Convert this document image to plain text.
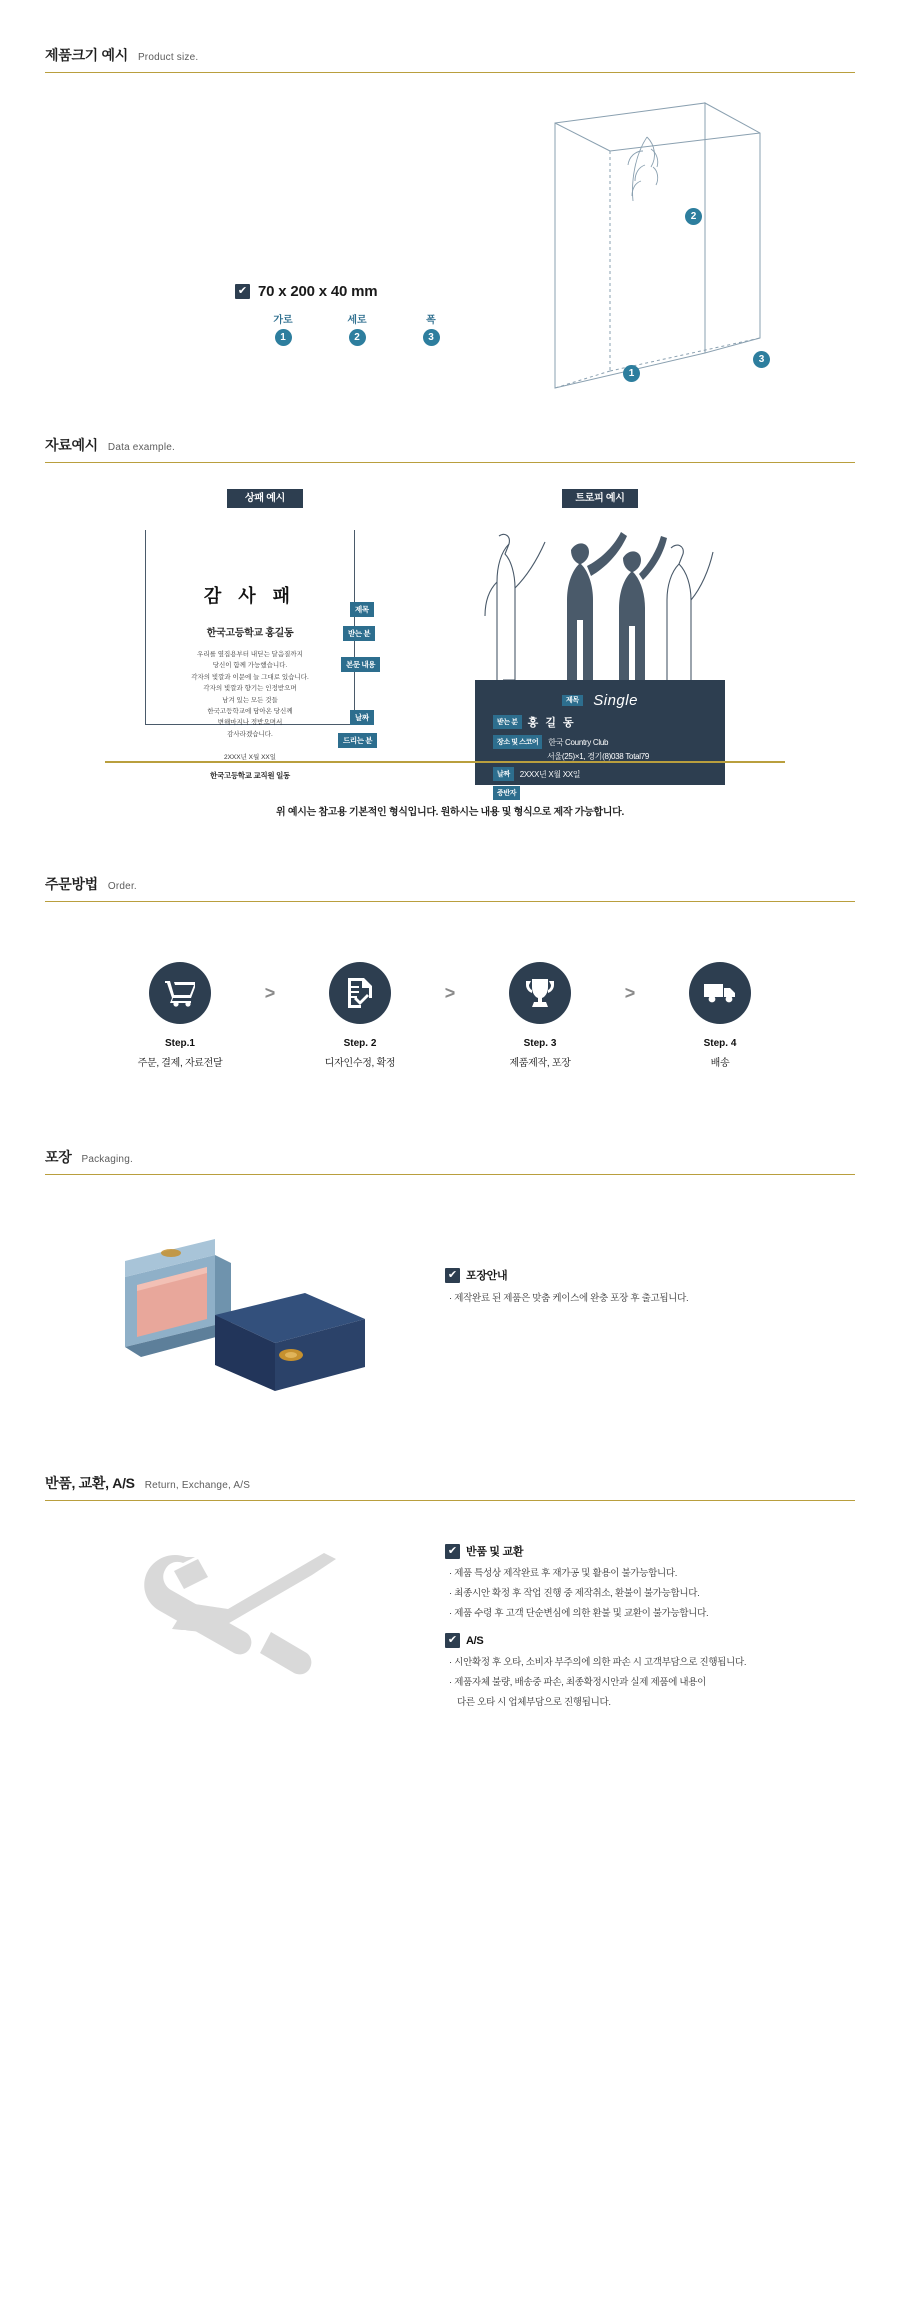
제품크기 예시 Product size.
✔ 70 x 200 x 40 mm
가로	세로	폭
1	2	3
2
1
3
자료예시 Data example.
상패 예시
감 사 패
한국고등학교 홍길동
우리를 옆집용부터 내딛는 달음질까지
당신이 함께 가능했습니다.
각자의 빛깔과 이문에 늘 그대로 있습니다.
각자의 빛깔과 향기는 인정받으며
남겨 있는 모든 것들
한국고등학교에 담아온 당신께
변해마지나 정받으며서
감사라겠습니다.
2XXX년 X월 XX일
한국고등학교 교직원 일동
제목
받는 분
본문 내용
날짜
드리는 분
트로피 예시
제목 Single
받는 분 홍 길 동
장소 및 스코어	한국 Country Club
서울(25)×1, 경기(8)038 Total79
날짜	2XXX년 X월 XX일
증반자	김 철 수 · 박 영 희 · 최 민 수
위 예시는 참고용 기본적인 형식입니다. 원하시는 내용 및 형식으로 제작 가능합니다.
주문방법 Order.
Step.1
주문, 결제, 자료전달
>
Step. 2
디자인수정, 확정
>
Step. 3
제품제작, 포장
>
Step. 4
배송
포장 Packaging.
✔ 포장안내
· 제작완료 된 제품은 맞춤 케이스에 완충 포장 후 출고됩니다.
반품, 교환, A/S Return, Exchange, A/S
✔ 반품 및 교환
· 제품 특성상 제작완료 후 재가공 및 활용이 불가능합니다.
· 최종시안 확정 후 작업 진행 중 제작취소, 환불이 불가능합니다.
· 제품 수령 후 고객 단순변심에 의한 환불 및 교환이 불가능합니다.
✔ A/S
· 시안확정 후 오타, 소비자 부주의에 의한 파손 시 고객부담으로 진행됩니다.
· 제품자체 불량, 배송중 파손, 최종확정시안과 실제 제품에 내용이
다른 오타 시 업체부담으로 진행됩니다.
